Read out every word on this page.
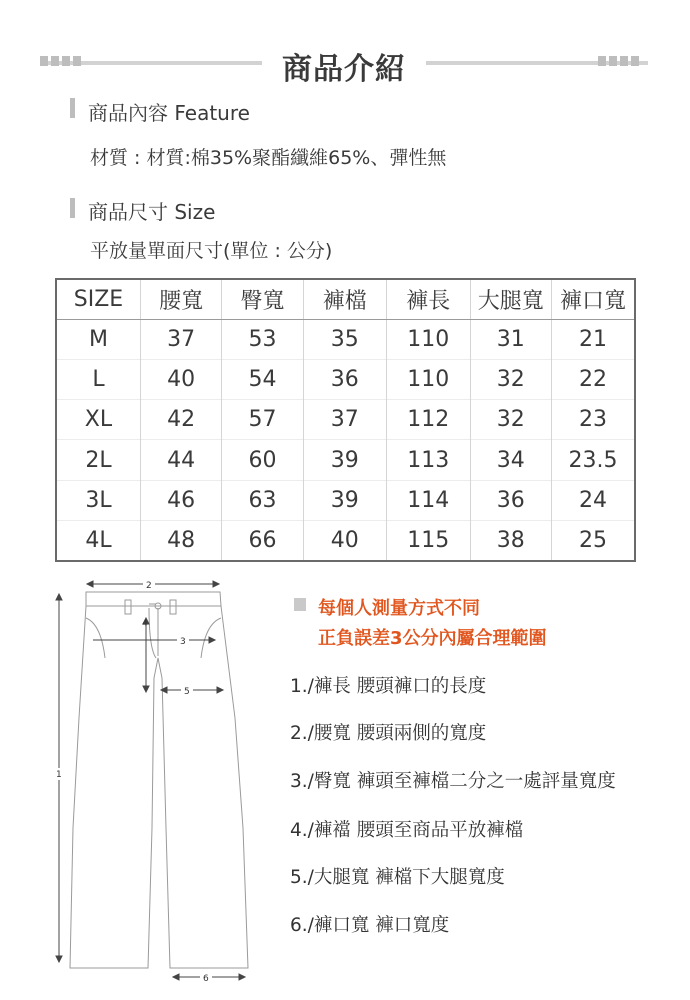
商品介紹
商品內容 Feature
材質 : 材質:棉35%聚酯纖維65%、彈性無
商品尺寸 Size
平放量單面尺寸(單位 : 公分)
SIZE	腰寬	臀寬	褲檔	褲長	大腿寬	褲口寬
M	37	53	35	110	31	21
L	40	54	36	110	32	22
XL	42	57	37	112	32	23
2L	44	60	39	113	34	23.5
3L	46	63	39	114	36	24
4L	48	66	40	115	38	25
2
4
3
5
1
6
每個人測量方式不同
正負誤差3公分內屬合理範圍
1./褲長 腰頭褲口的長度
2./腰寬 腰頭兩側的寬度
3./臀寬 褲頭至褲檔二分之一處評量寬度
4./褲襠 腰頭至商品平放褲檔
5./大腿寬 褲檔下大腿寬度
6./褲口寬 褲口寬度
